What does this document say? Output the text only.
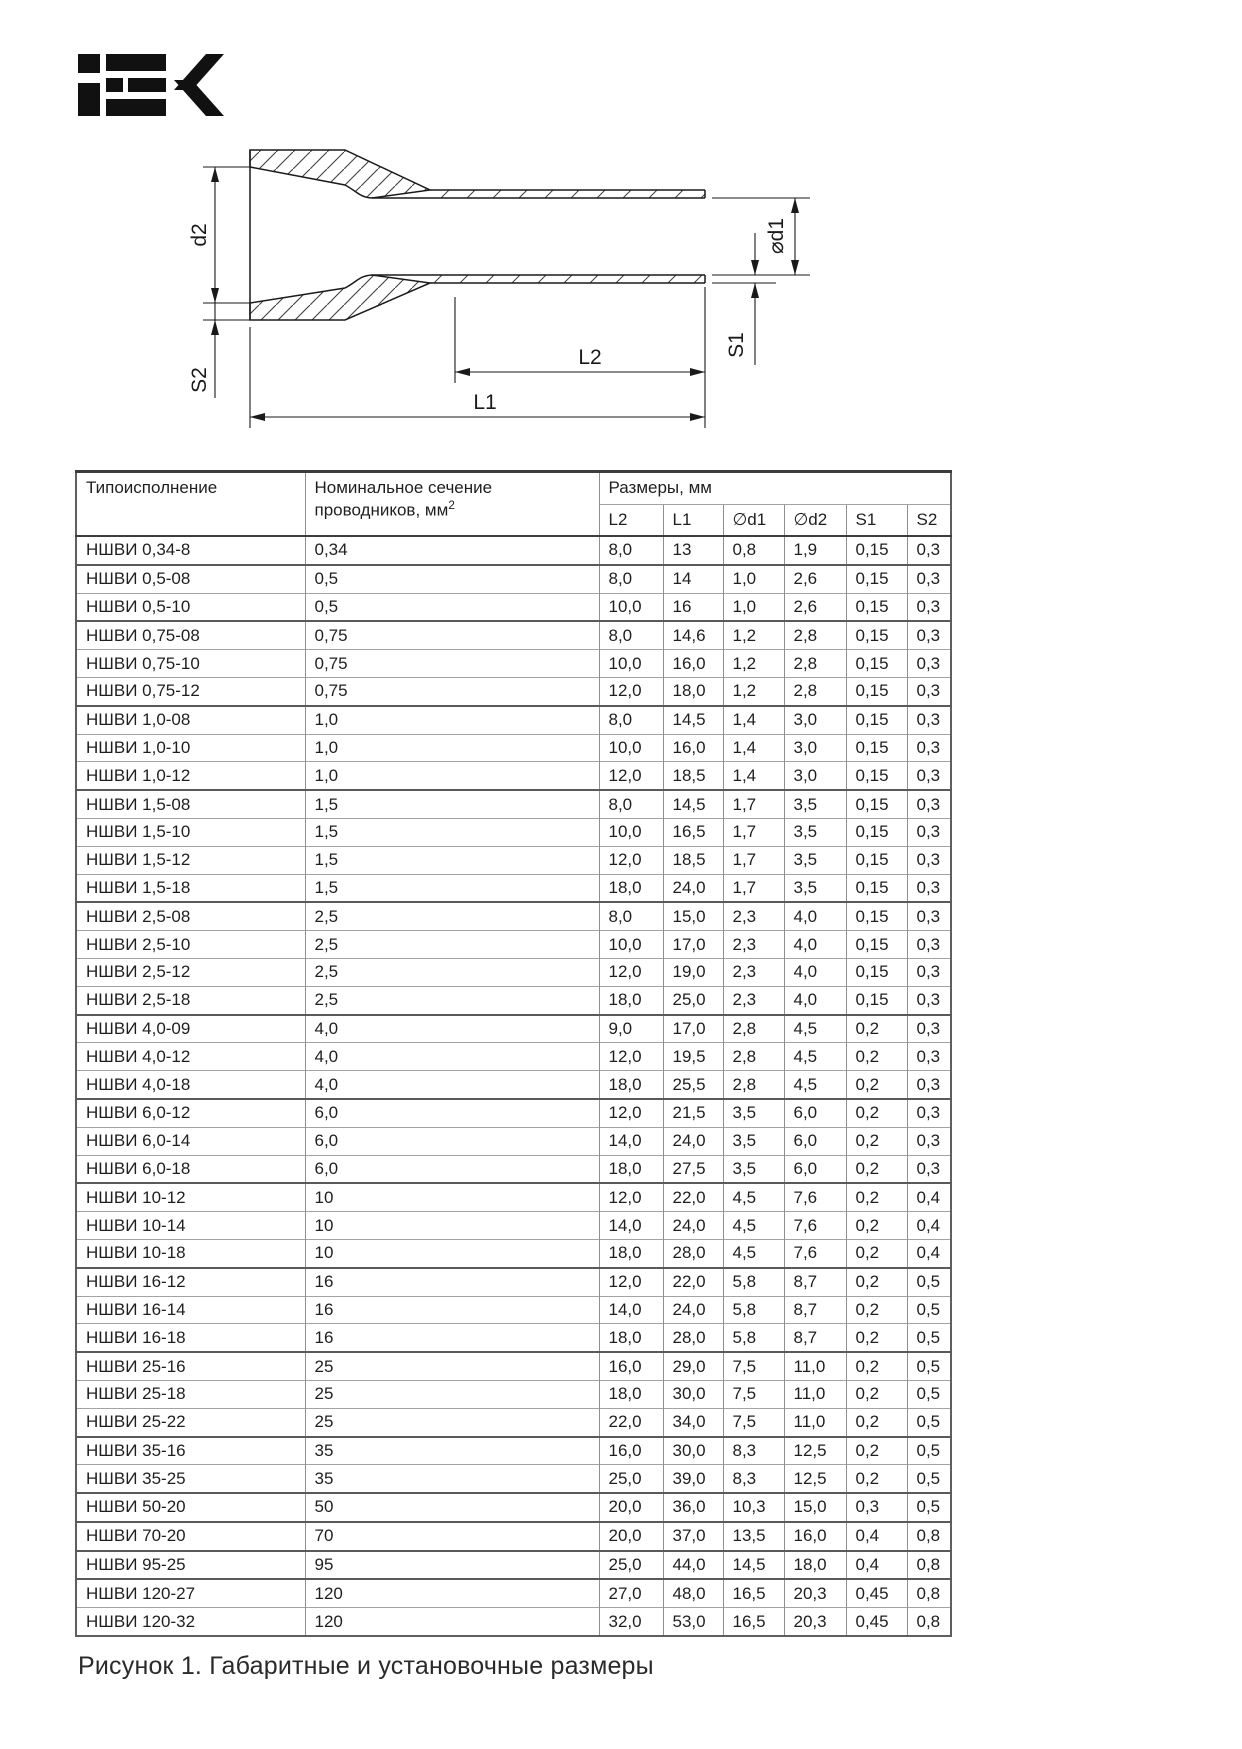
d2
S2
L2
L1
⌀d1
S1
Типоисполнение	Номинальное сечение проводников, $мм^2$	Размеры, мм					
		L2	L1	∅d1	∅d2	S1	S2
НШВИ 0,34-8	0,34	8,0	13	0,8	1,9	0,15	0,3
НШВИ 0,5-08	0,5	8,0	14	1,0	2,6	0,15	0,3
НШВИ 0,5-10	0,5	10,0	16	1,0	2,6	0,15	0,3
НШВИ 0,75-08	0,75	8,0	14,6	1,2	2,8	0,15	0,3
НШВИ 0,75-10	0,75	10,0	16,0	1,2	2,8	0,15	0,3
НШВИ 0,75-12	0,75	12,0	18,0	1,2	2,8	0,15	0,3
НШВИ 1,0-08	1,0	8,0	14,5	1,4	3,0	0,15	0,3
НШВИ 1,0-10	1,0	10,0	16,0	1,4	3,0	0,15	0,3
НШВИ 1,0-12	1,0	12,0	18,5	1,4	3,0	0,15	0,3
НШВИ 1,5-08	1,5	8,0	14,5	1,7	3,5	0,15	0,3
НШВИ 1,5-10	1,5	10,0	16,5	1,7	3,5	0,15	0,3
НШВИ 1,5-12	1,5	12,0	18,5	1,7	3,5	0,15	0,3
НШВИ 1,5-18	1,5	18,0	24,0	1,7	3,5	0,15	0,3
НШВИ 2,5-08	2,5	8,0	15,0	2,3	4,0	0,15	0,3
НШВИ 2,5-10	2,5	10,0	17,0	2,3	4,0	0,15	0,3
НШВИ 2,5-12	2,5	12,0	19,0	2,3	4,0	0,15	0,3
НШВИ 2,5-18	2,5	18,0	25,0	2,3	4,0	0,15	0,3
НШВИ 4,0-09	4,0	9,0	17,0	2,8	4,5	0,2	0,3
НШВИ 4,0-12	4,0	12,0	19,5	2,8	4,5	0,2	0,3
НШВИ 4,0-18	4,0	18,0	25,5	2,8	4,5	0,2	0,3
НШВИ 6,0-12	6,0	12,0	21,5	3,5	6,0	0,2	0,3
НШВИ 6,0-14	6,0	14,0	24,0	3,5	6,0	0,2	0,3
НШВИ 6,0-18	6,0	18,0	27,5	3,5	6,0	0,2	0,3
НШВИ 10-12	10	12,0	22,0	4,5	7,6	0,2	0,4
НШВИ 10-14	10	14,0	24,0	4,5	7,6	0,2	0,4
НШВИ 10-18	10	18,0	28,0	4,5	7,6	0,2	0,4
НШВИ 16-12	16	12,0	22,0	5,8	8,7	0,2	0,5
НШВИ 16-14	16	14,0	24,0	5,8	8,7	0,2	0,5
НШВИ 16-18	16	18,0	28,0	5,8	8,7	0,2	0,5
НШВИ 25-16	25	16,0	29,0	7,5	11,0	0,2	0,5
НШВИ 25-18	25	18,0	30,0	7,5	11,0	0,2	0,5
НШВИ 25-22	25	22,0	34,0	7,5	11,0	0,2	0,5
НШВИ 35-16	35	16,0	30,0	8,3	12,5	0,2	0,5
НШВИ 35-25	35	25,0	39,0	8,3	12,5	0,2	0,5
НШВИ 50-20	50	20,0	36,0	10,3	15,0	0,3	0,5
НШВИ 70-20	70	20,0	37,0	13,5	16,0	0,4	0,8
НШВИ 95-25	95	25,0	44,0	14,5	18,0	0,4	0,8
НШВИ 120-27	120	27,0	48,0	16,5	20,3	0,45	0,8
НШВИ 120-32	120	32,0	53,0	16,5	20,3	0,45	0,8
Рисунок 1. Габаритные и установочные размеры
